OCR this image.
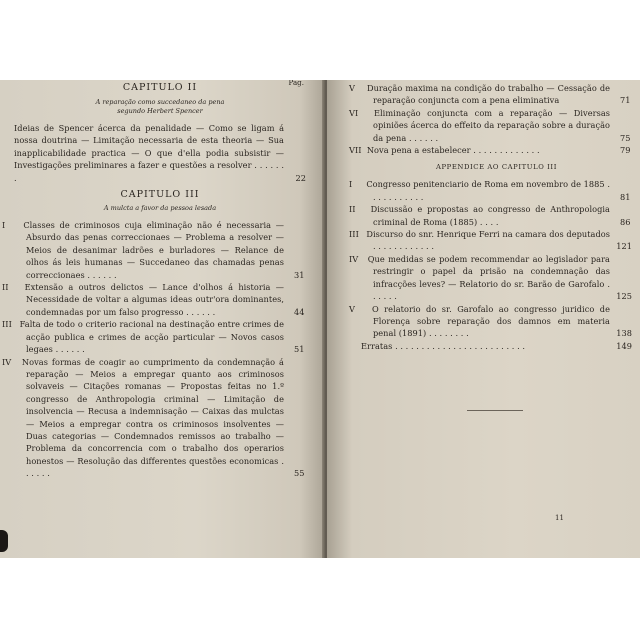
Pag.

CAPITULO II

A reparação como succedaneo da pena

segundo Herbert Spencer

Ideias de Spencer ácerca da penalidade — Como se ligam á nossa doutrina — Limitação necessaria de esta theoria — Sua inapplicabilidade practica — O que d'ella podia subsistir — Investigações preliminares a fazer e questões a resolver . . . . . . .	22

CAPITULO III

A mulcta a favor da pessoa lesada

I Classes de criminosos cuja eliminação não é necessaria — Absurdo das penas correccionaes — Problema a resolver — Meios de desanimar ladrões e burladores — Relance de olhos ás leis humanas — Succedaneo das chamadas penas correccionaes . . . . . .	31

II Extensão a outros delictos — Lance d'olhos á historia — Necessidade de voltar a algumas ideas outr'ora dominantes, condemnadas por um falso progresso . . . . . .	44

III Falta de todo o criterio racional na destinação entre crimes de acção publica e crimes de acção particular — Novos casos legaes . . . . . .	51

IV Novas formas de coagir ao cumprimento da condemnação á reparação — Meios a empregar quanto aos criminosos solvaveis — Citações romanas — Propostas feitas no 1.º congresso de Anthropologia criminal — Limitação de insolvencia — Recusa a indemnisação — Caixas das mulctas — Meios a empregar contra os criminosos insolventes — Duas categorias — Condemnados remissos ao trabalho — Problema da concorrencia com o trabalho dos operarios honestos — Resolução das differentes questões economicas . . . . . .	55

V Duração maxima na condição do trabalho — Cessação de reparação conjuncta com a pena eliminativa	71

VI Eliminação conjuncta com a reparação — Diversas opiniões ácerca do effeito da reparação sobre a duração da pena . . . . . .	75

VII Nova pena a estabelecer . . . . . . . . . . . . .	79

APPENDICE AO CAPITULO III

I Congresso penitenciario de Roma em novembro de 1885 . . . . . . . . . . .	81

II Discussão e propostas ao congresso de Anthropologia criminal de Roma (1885) . . . .	86

III Discurso do snr. Henrique Ferri na camara dos deputados . . . . . . . . . . . .	121

IV Que medidas se podem recommendar ao legislador para restringir o papel da prisão na condemnação das infracções leves? — Relatorio do sr. Barão de Garofalo . . . . . .	125

V O relatorio do sr. Garofalo ao congresso juridico de Florença sobre reparação dos damnos em materia penal (1891) . . . . . . . .	138

Erratas . . . . . . . . . . . . . . . . . . . . . . . . .	149

11
